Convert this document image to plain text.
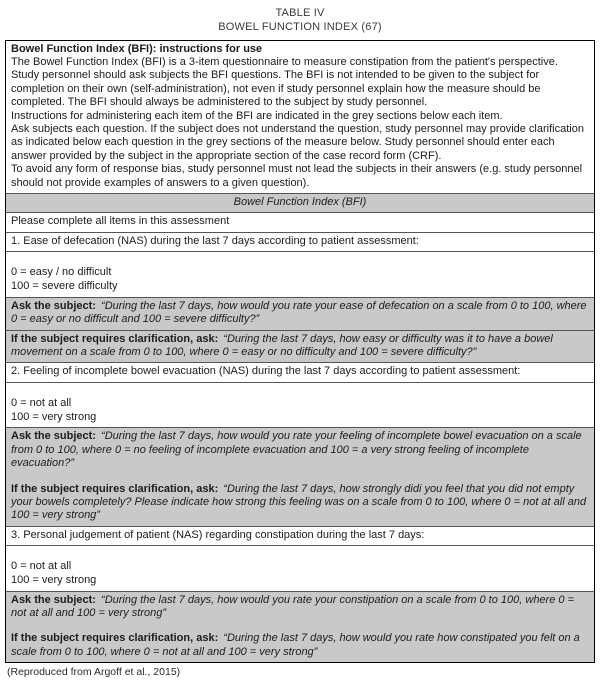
TABLE IV
BOWEL FUNCTION INDEX (67)
Bowel Function Index (BFI): instructions for use
The Bowel Function Index (BFI) is a 3-item questionnaire to measure constipation from the patient's perspective. Study personnel should ask subjects the BFI questions. The BFI is not intended to be given to the subject for completion on their own (self-administration), not even if study personnel explain how the measure should be completed. The BFI should always be administered to the subject by study personnel.
Instructions for administering each item of the BFI are indicated in the grey sections below each item.
Ask subjects each question. If the subject does not understand the question, study personnel may provide clarification as indicated below each question in the grey sections of the measure below. Study personnel should enter each answer provided by the subject in the appropriate section of the case record form (CRF).
To avoid any form of response bias, study personnel must not lead the subjects in their answers (e.g. study personnel should not provide examples of answers to a given question).
Bowel Function Index (BFI)
Please complete all items in this assessment
1. Ease of defecation (NAS) during the last 7 days according to patient assessment:
0 = easy / no difficult
100 = severe difficulty
Ask the subject: “During the last 7 days, how would you rate your ease of defecation on a scale from 0 to 100, where 0 = easy or no difficult and 100 = severe difficulty?”
If the subject requires clarification, ask: “During the last 7 days, how easy or difficulty was it to have a bowel movement on a scale from 0 to 100, where 0 = easy or no difficulty and 100 = severe difficulty?”
2. Feeling of incomplete bowel evacuation (NAS) during the last 7 days according to patient assessment:
0 = not at all
100 = very strong
Ask the subject: “During the last 7 days, how would you rate your feeling of incomplete bowel evacuation on a scale from 0 to 100, where 0 = no feeling of incomplete evacuation and 100 = a very strong feeling of incomplete evacuation?”
If the subject requires clarification, ask: “During the last 7 days, how strongly didi you feel that you did not empty your bowels completely? Please indicate how strong this feeling was on a scale from 0 to 100, where 0 = not at all and 100 = very strong”
3. Personal judgement of patient (NAS) regarding constipation during the last 7 days:
0 = not at all
100 = very strong
Ask the subject: “During the last 7 days, how would you rate your constipation on a scale from 0 to 100, where 0 = not at all and 100 = very strong”
If the subject requires clarification, ask: “During the last 7 days, how would you rate how constipated you felt on a scale from 0 to 100, where 0 = not at all and 100 = very strong”
(Reproduced from Argoff et al., 2015)
